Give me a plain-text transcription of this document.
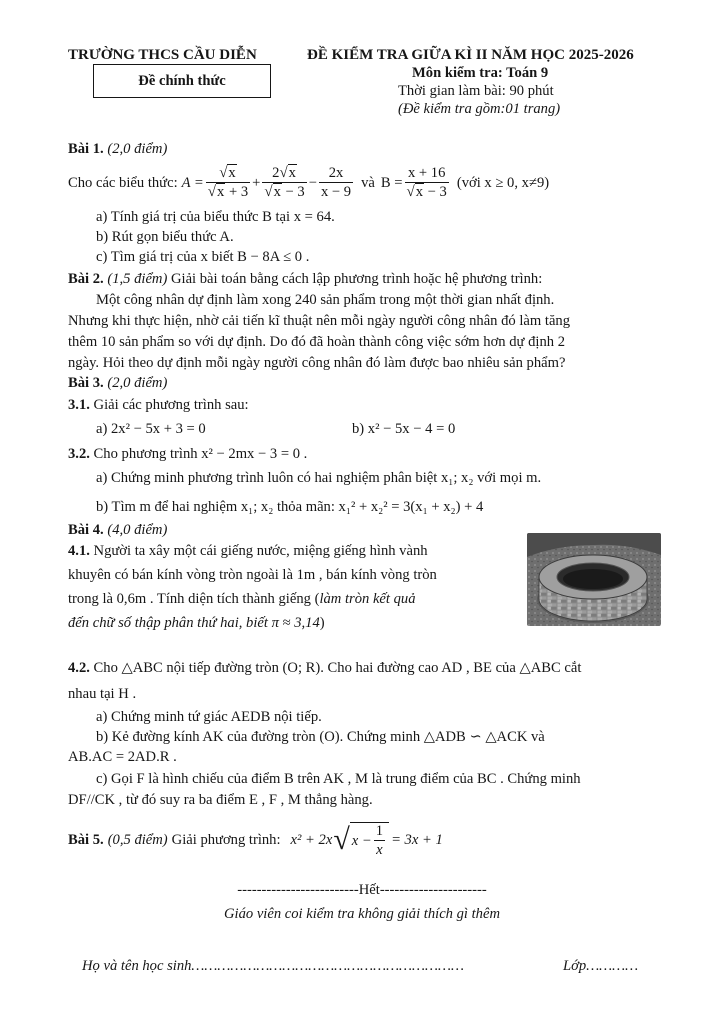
TRƯỜNG THCS CẦU DIỄN
Đề chính thức
ĐỀ KIỂM TRA GIỮA KÌ II NĂM HỌC 2025-2026
Môn kiểm tra: Toán 9
Thời gian làm bài: 90 phút
(Đề kiểm tra gồm:01 trang)
Bài 1. (2,0 điểm)
Cho các biểu thức: $A = \frac{√x}{√x + 3} + \frac{2√x}{√x - 3} - \frac{2x}{x - 9}$ và $B = \frac{x + 16}{√x - 3}$ (với x ≥ 0, x≠9)
a) Tính giá trị của biểu thức B tại x = 64.
b) Rút gọn biểu thức A.
c) Tìm giá trị của x biết B − 8A ≤ 0 .
Bài 2. (1,5 điểm) Giải bài toán bằng cách lập phương trình hoặc hệ phương trình:
Một công nhân dự định làm xong 240 sản phẩm trong một thời gian nhất định.
Nhưng khi thực hiện, nhờ cải tiến kĩ thuật nên mỗi ngày người công nhân đó làm tăng
thêm 10 sản phẩm so với dự định. Do đó đã hoàn thành công việc sớm hơn dự định 2
ngày. Hỏi theo dự định mỗi ngày người công nhân đó làm được bao nhiêu sản phẩm?
Bài 3. (2,0 điểm)
3.1. Giải các phương trình sau:
a) 2x² − 5x + 3 = 0	b) x² − 5x − 4 = 0
3.2. Cho phương trình x² − 2mx − 3 = 0 .
a) Chứng minh phương trình luôn có hai nghiệm phân biệt x₁; x₂ với mọi m.
b) Tìm m để hai nghiệm x₁; x₂ thỏa mãn: x₁² + x₂² = 3(x₁ + x₂) + 4
Bài 4. (4,0 điểm)
4.1. Người ta xây một cái giếng nước, miệng giếng hình vành
khuyên có bán kính vòng tròn ngoài là 1m , bán kính vòng tròn
trong là 0,6m . Tính diện tích thành giếng (làm tròn kết quả
đến chữ số thập phân thứ hai, biết π ≈ 3,14)
4.2. Cho △ABC nội tiếp đường tròn (O; R). Cho hai đường cao AD , BE của △ABC cắt
nhau tại H .
a) Chứng minh tứ giác AEDB nội tiếp.
b) Kẻ đường kính AK của đường tròn (O). Chứng minh △ADB ∽ △ACK và
AB.AC = 2AD.R .
c) Gọi F là hình chiếu của điểm B trên AK , M là trung điểm của BC . Chứng minh
DF//CK , từ đó suy ra ba điểm E , F , M thẳng hàng.
Bài 5. (0,5 điểm) Giải phương trình: x² + 2x √ $x - \frac{1}{x} = 3x + 1$
-------------------------Hết----------------------
Giáo viên coi kiểm tra không giải thích gì thêm
Họ và tên học sinh………………………………………………………	Lớp…………
